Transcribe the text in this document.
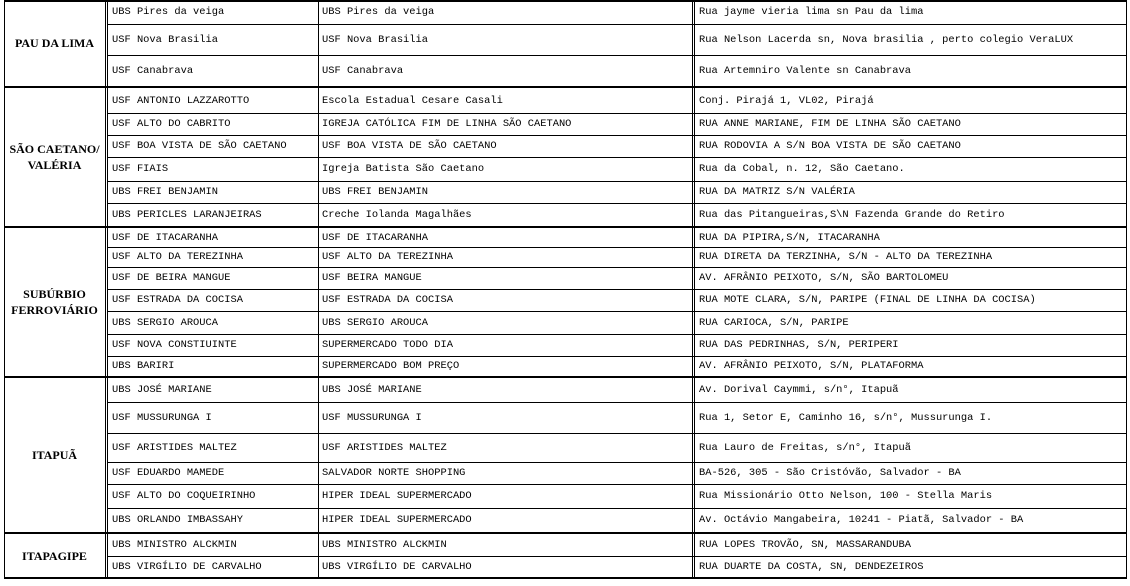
PAU DA LIMA
UBS Pires da veiga	UBS Pires da veiga	Rua jayme vieria lima sn Pau da lima
USF Nova Brasilia	USF Nova Brasilia	Rua Nelson Lacerda sn, Nova brasilia , perto colegio VeraLUX
USF Canabrava	USF Canabrava	Rua Artemniro Valente sn Canabrava
SÃO CAETANO/
VALÉRIA
USF ANTONIO LAZZAROTTO	Escola Estadual Cesare Casali	Conj. Pirajá 1, VL02, Pirajá
USF ALTO DO CABRITO	IGREJA CATÓLICA FIM DE LINHA SÃO CAETANO	RUA ANNE MARIANE, FIM DE LINHA SÃO CAETANO
USF BOA VISTA DE SÃO CAETANO	USF BOA VISTA DE SÃO CAETANO	RUA RODOVIA A S/N BOA VISTA DE SÃO CAETANO
USF FIAIS	Igreja Batista São Caetano	Rua da Cobal, n. 12, São Caetano.
UBS FREI BENJAMIN	UBS FREI BENJAMIN	RUA DA MATRIZ S/N VALÉRIA
UBS PERICLES LARANJEIRAS	Creche Iolanda Magalhães	Rua das Pitangueiras,S\N Fazenda Grande do Retiro
SUBÚRBIO
FERROVIÁRIO
USF DE ITACARANHA	USF DE ITACARANHA	RUA DA PIPIRA,S/N, ITACARANHA
USF ALTO DA TEREZINHA	USF ALTO DA TEREZINHA	RUA DIRETA DA TERZINHA, S/N - ALTO DA TEREZINHA
USF DE BEIRA MANGUE	USF BEIRA MANGUE	AV. AFRÂNIO PEIXOTO, S/N, SÃO BARTOLOMEU
USF ESTRADA DA COCISA	USF ESTRADA DA COCISA	RUA MOTE CLARA, S/N, PARIPE (FINAL DE LINHA DA COCISA)
UBS SERGIO AROUCA	UBS SERGIO AROUCA	RUA CARIOCA, S/N, PARIPE
USF NOVA CONSTIUINTE	SUPERMERCADO TODO DIA	RUA DAS PEDRINHAS, S/N, PERIPERI
UBS BARIRI	SUPERMERCADO BOM PREÇO	AV. AFRÂNIO PEIXOTO, S/N, PLATAFORMA
ITAPUÃ
UBS JOSÉ MARIANE	UBS JOSÉ MARIANE	Av. Dorival Caymmi, s/n°, Itapuã
USF MUSSURUNGA I	USF MUSSURUNGA I	Rua 1, Setor E, Caminho 16, s/n°, Mussurunga I.
USF ARISTIDES MALTEZ	USF ARISTIDES MALTEZ	Rua Lauro de Freitas, s/n°, Itapuã
USF EDUARDO MAMEDE	SALVADOR NORTE SHOPPING	BA-526, 305 - São Cristóvão, Salvador - BA
USF ALTO DO COQUEIRINHO	HIPER IDEAL SUPERMERCADO	Rua Missionário Otto Nelson, 100 - Stella Maris
UBS ORLANDO IMBASSAHY	HIPER IDEAL SUPERMERCADO	Av. Octávio Mangabeira, 10241 - Piatã, Salvador - BA
ITAPAGIPE
UBS MINISTRO ALCKMIN	UBS MINISTRO ALCKMIN	RUA LOPES TROVÃO, SN, MASSARANDUBA
UBS VIRGÍLIO DE CARVALHO	UBS VIRGÍLIO DE CARVALHO	RUA DUARTE DA COSTA, SN, DENDEZEIROS
